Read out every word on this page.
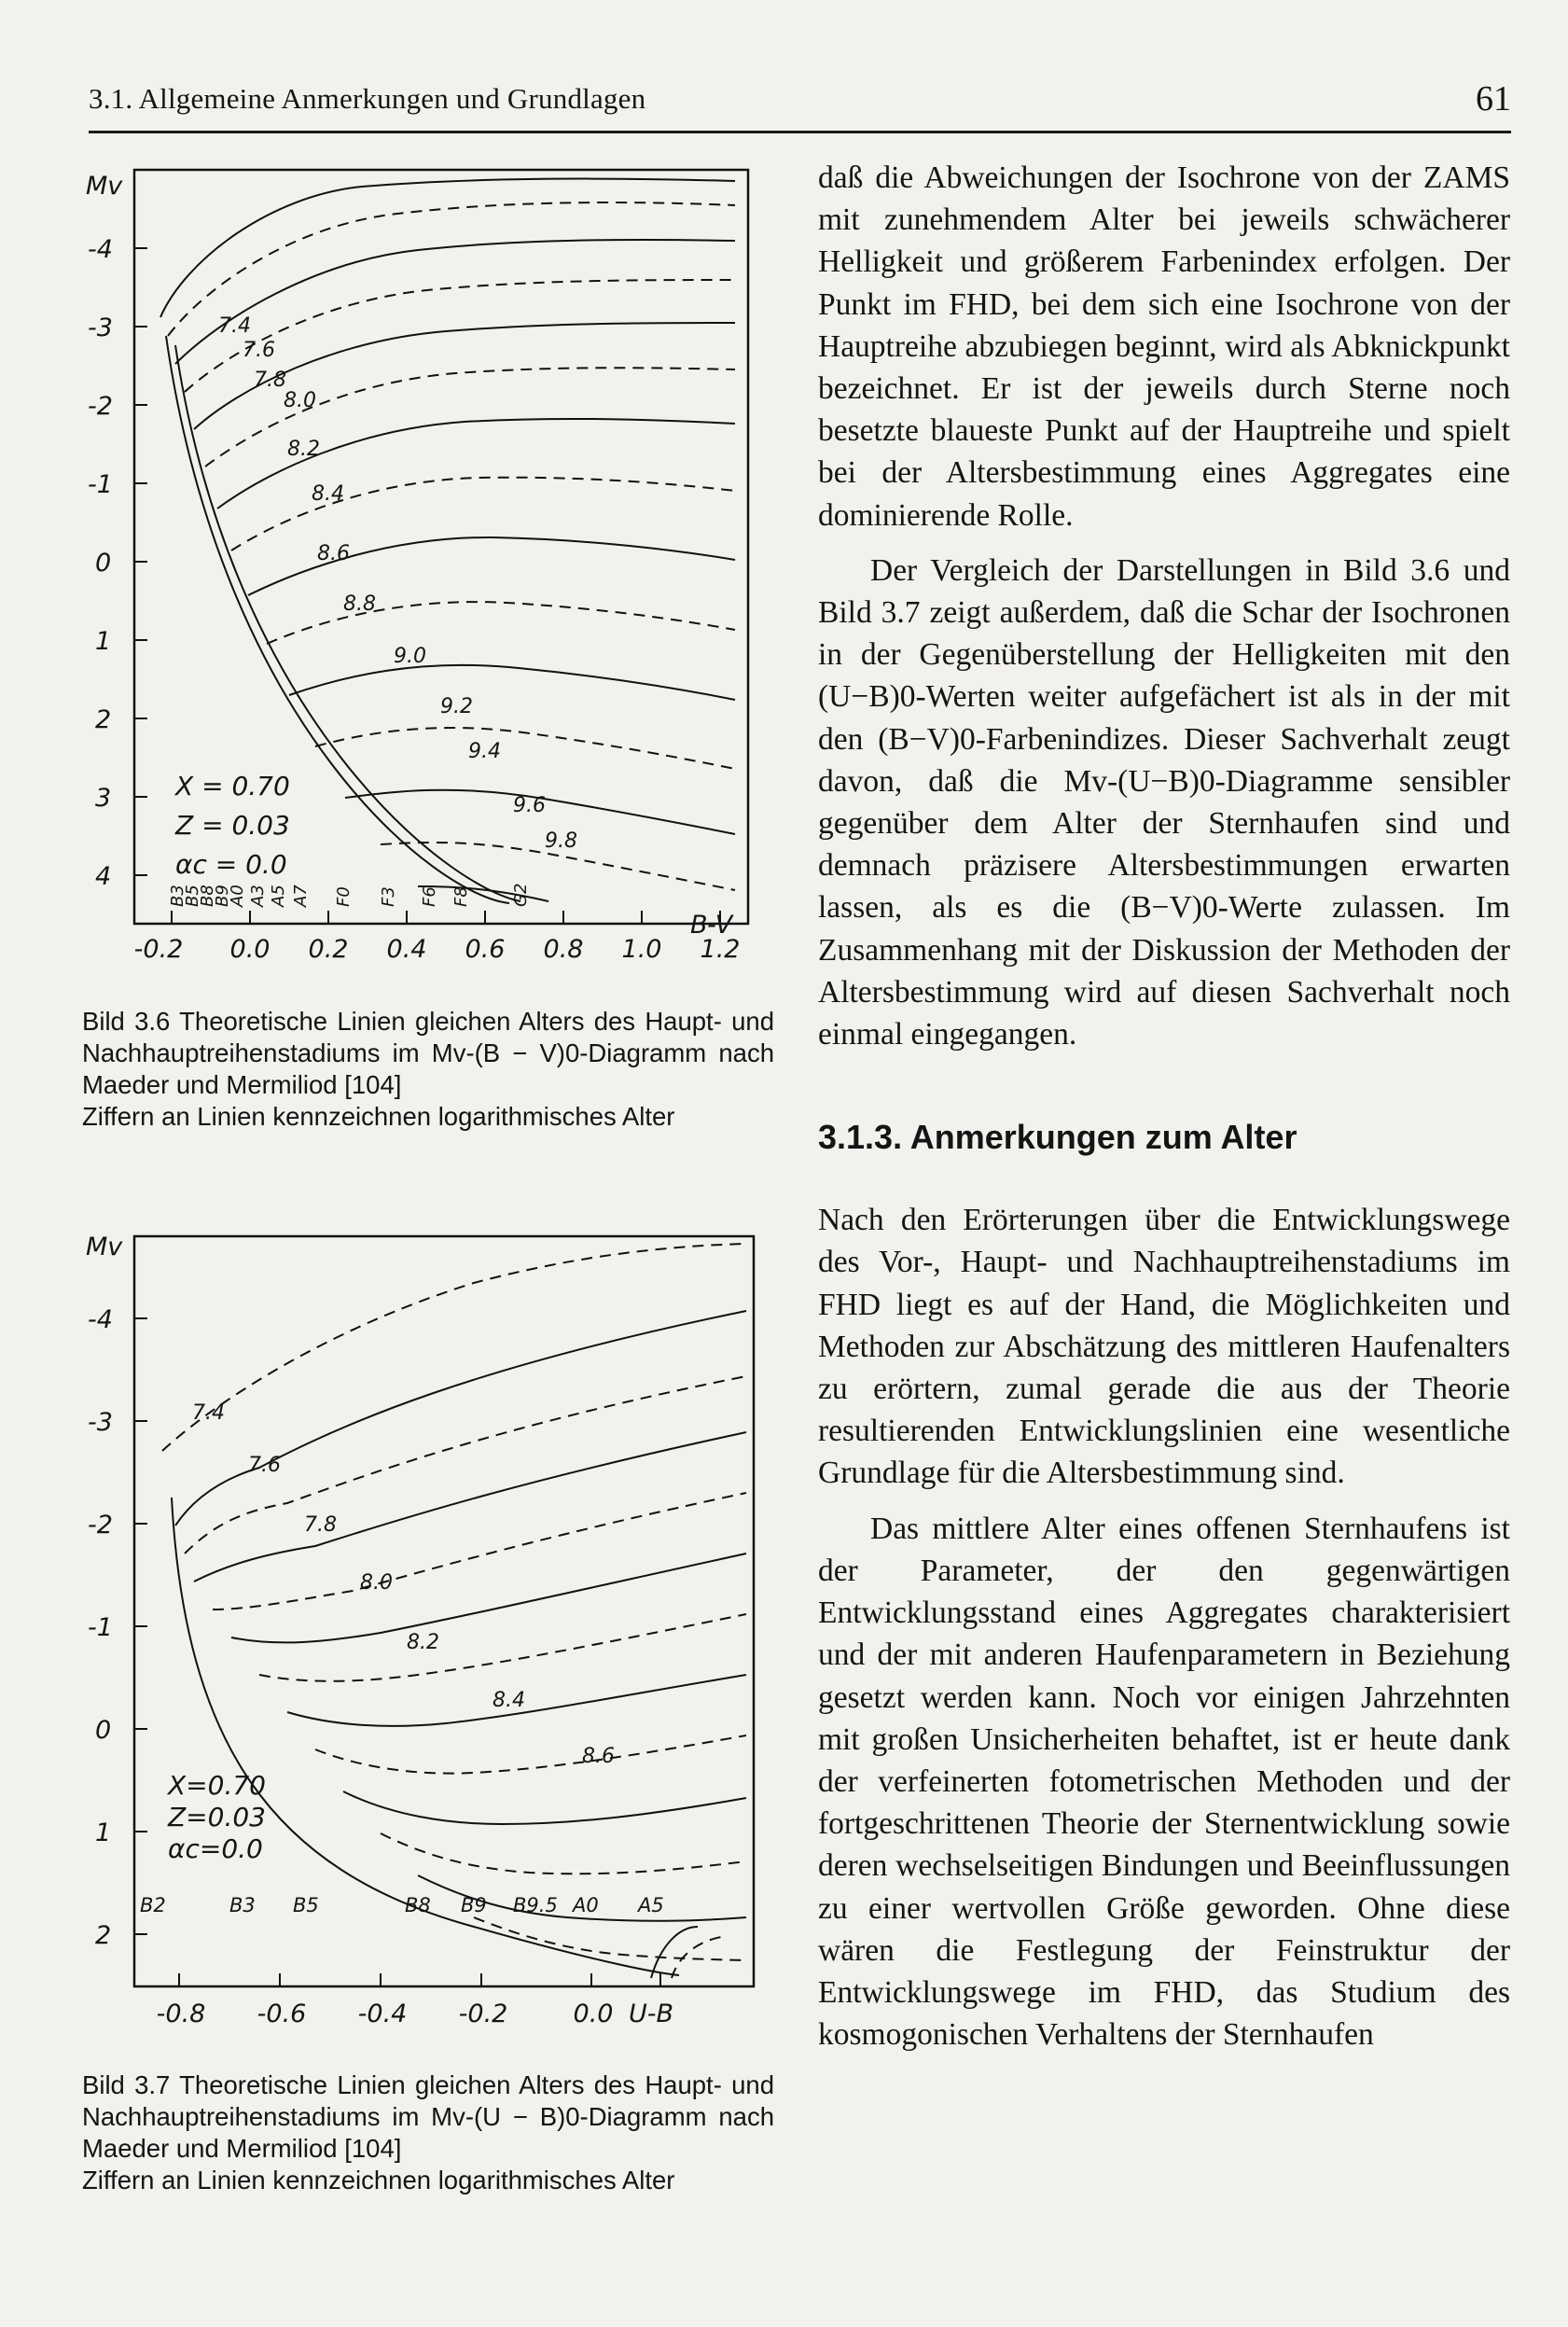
3.1. Allgemeine Anmerkungen und Grundlagen	61
Mv
-4
-3
-2
-1
0
1
2
3
4
-0.2 0.0 0.2 0.4 0.6 0.8 1.0 1.2
B-V
7.4
7.6
7.8
8.0
8.2
8.4
8.6
8.8
9.0
9.2
9.4
9.6
9.8
X = 0.70
Z = 0.03
αc = 0.0
B3
B5
B8
B9
A0 A3 A5 A7 F0 F3 F6 F8 G2

Bild 3.6 Theoretische Linien gleichen Alters des Haupt- und Nachhauptreihenstadiums im Mv-(B − V)0-Diagramm nach Maeder und Mermiliod [104]

Ziffern an Linien kennzeichnen logarithmisches Alter

Mv
-4
-3
-2
-1
0
1
2
-0.8 -0.6 -0.4 -0.2	0.0 U-B
7.4
7.6
7.8
8.0
8.2
8.4
8.6
X=0.70
Z=0.03
αc=0.0
B2	B3 B5	B8 B9 B9.5 A0 A5

Bild 3.7 Theoretische Linien gleichen Alters des Haupt- und Nachhauptreihenstadiums im Mv-(U − B)0-Diagramm nach Maeder und Mermiliod [104]

Ziffern an Linien kennzeichnen logarithmisches Alter

daß die Abweichungen der Isochrone von der ZAMS mit zunehmendem Alter bei jeweils schwächerer Helligkeit und größerem Farbenindex erfolgen. Der Punkt im FHD, bei dem sich eine Isochrone von der Hauptreihe abzubiegen beginnt, wird als Abknickpunkt bezeichnet. Er ist der jeweils durch Sterne noch besetzte blaueste Punkt auf der Hauptreihe und spielt bei der Altersbestimmung eines Aggregates eine dominierende Rolle.

Der Vergleich der Darstellungen in Bild 3.6 und Bild 3.7 zeigt außerdem, daß die Schar der Isochronen in der Gegenüberstellung der Helligkeiten mit den (U−B)0-Werten weiter aufgefächert ist als in der mit den (B−V)0-Farbenindizes. Dieser Sachverhalt zeugt davon, daß die Mv-(U−B)0-Diagramme sensibler gegenüber dem Alter der Sternhaufen sind und demnach präzisere Altersbestimmungen erwarten lassen, als es die (B−V)0-Werte zulassen. Im Zusammenhang mit der Diskussion der Methoden der Altersbestimmung wird auf diesen Sachverhalt noch einmal eingegangen.

3.1.3. Anmerkungen zum Alter

Nach den Erörterungen über die Entwicklungswege des Vor-, Haupt- und Nachhauptreihenstadiums im FHD liegt es auf der Hand, die Möglichkeiten und Methoden zur Abschätzung des mittleren Haufenalters zu erörtern, zumal gerade die aus der Theorie resultierenden Entwicklungslinien eine wesentliche Grundlage für die Altersbestimmung sind.

Das mittlere Alter eines offenen Sternhaufens ist der Parameter, der den gegenwärtigen Entwicklungsstand eines Aggregates charakterisiert und der mit anderen Haufenparametern in Beziehung gesetzt werden kann. Noch vor einigen Jahrzehnten mit großen Unsicherheiten behaftet, ist er heute dank der verfeinerten fotometrischen Methoden und der fortgeschrittenen Theorie der Sternentwicklung sowie deren wechselseitigen Bindungen und Beeinflussungen zu einer wertvollen Größe geworden. Ohne diese wären die Festlegung der Feinstruktur der Entwicklungswege im FHD, das Studium des kosmogonischen Verhaltens der Sternhaufen
